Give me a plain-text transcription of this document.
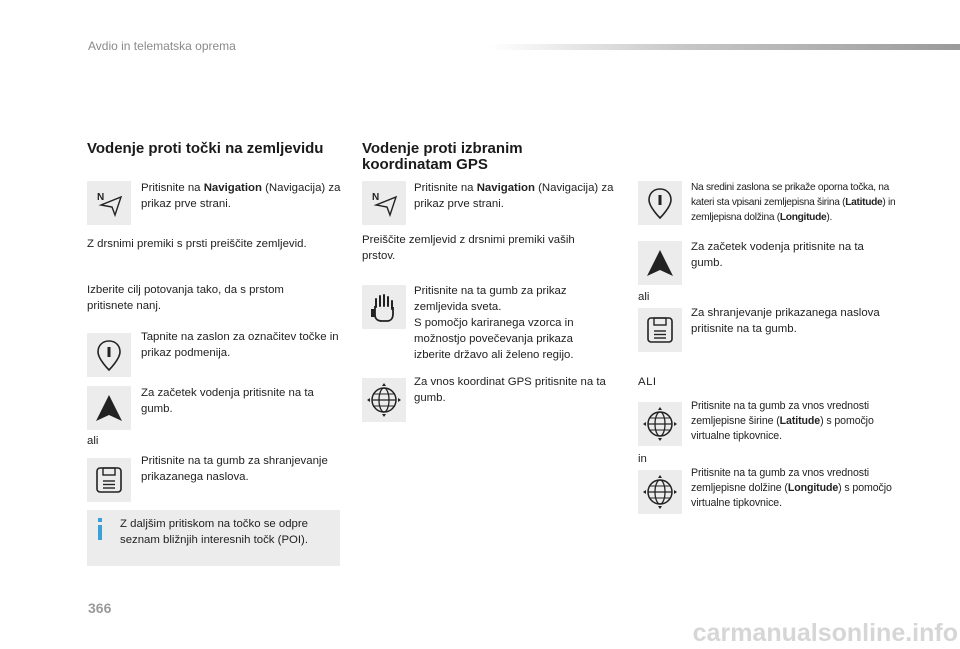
Avdio in telematska oprema
Vodenje proti točki na zemljevidu
N
Pritisnite na Navigation (Navigacija) za prikaz prve strani.
Z drsnimi premiki s prsti preiščite zemljevid.
Izberite cilj potovanja tako, da s prstom pritisnete nanj.
Tapnite na zaslon za označitev točke in prikaz podmenija.
Za začetek vodenja pritisnite na ta gumb.
ali
Pritisnite na ta gumb za shranjevanje prikazanega naslova.
Z daljšim pritiskom na točko se odpre seznam bližnjih interesnih točk (POI).
Vodenje proti izbranim koordinatam GPS
N
Pritisnite na Navigation (Navigacija) za prikaz prve strani.
Preiščite zemljevid z drsnimi premiki vaših prstov.
Pritisnite na ta gumb za prikaz zemljevida sveta.
S pomočjo kariranega vzorca in možnostjo povečevanja prikaza izberite državo ali želeno regijo.
Za vnos koordinat GPS pritisnite na ta gumb.
Na sredini zaslona se prikaže oporna točka, na kateri sta vpisani zemljepisna širina (Latitude) in zemljepisna dolžina (Longitude).
Za začetek vodenja pritisnite na ta gumb.
ali
Za shranjevanje prikazanega naslova pritisnite na ta gumb.
ALI
Pritisnite na ta gumb za vnos vrednosti zemljepisne širine (Latitude) s pomočjo virtualne tipkovnice.
in
Pritisnite na ta gumb za vnos vrednosti zemljepisne dolžine (Longitude) s pomočjo virtualne tipkovnice.
366
carmanualsonline.info
